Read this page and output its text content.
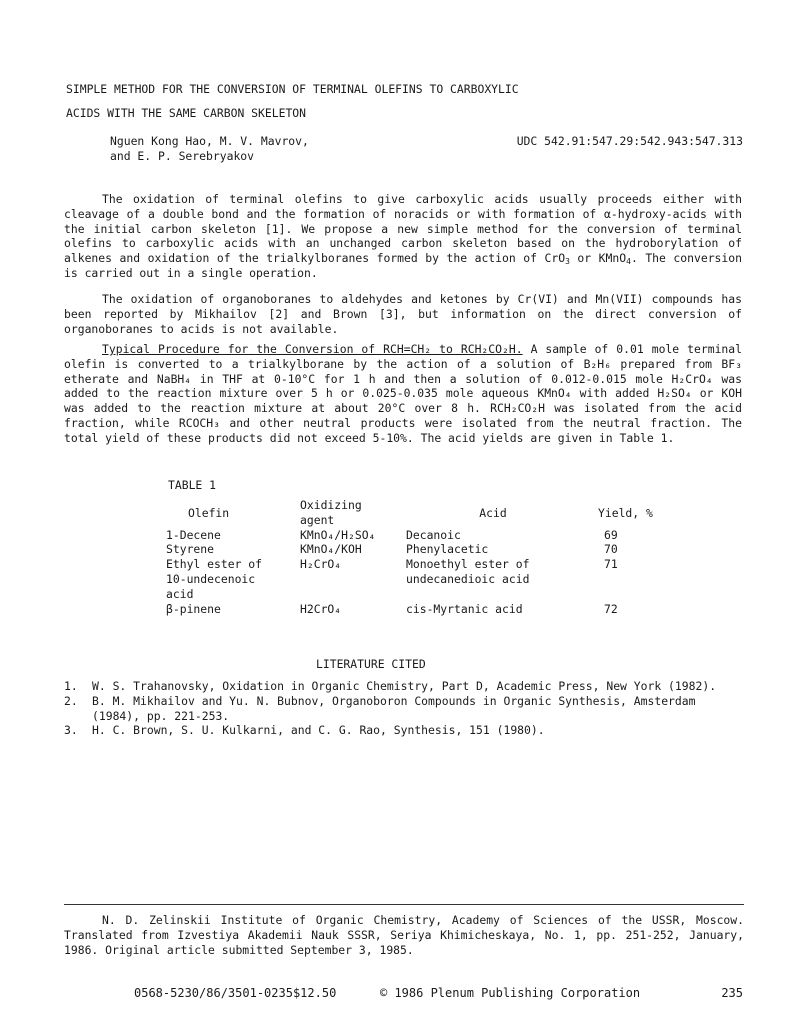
SIMPLE METHOD FOR THE CONVERSION OF TERMINAL OLEFINS TO CARBOXYLIC
ACIDS WITH THE SAME CARBON SKELETON
Nguen Kong Hao, M. V. Mavrov,
and E. P. Serebryakov
UDC 542.91:547.29:542.943:547.313

The oxidation of terminal olefins to give carboxylic acids usually proceeds either with cleavage of a double bond and the formation of noracids or with formation of α-hydroxy-acids with the initial carbon skeleton [1]. We propose a new simple method for the conversion of terminal olefins to carboxylic acids with an unchanged carbon skeleton based on the hydroborylation of alkenes and oxidation of the trialkylboranes formed by the action of CrO$_3$ or KMnO$_4$. The conversion is carried out in a single operation.

The oxidation of organoboranes to aldehydes and ketones by Cr(VI) and Mn(VII) compounds has been reported by Mikhailov [2] and Brown [3], but information on the direct conversion of organoboranes to acids is not available.

Typical Procedure for the Conversion of RCH=CH₂ to RCH₂CO₂H. A sample of 0.01 mole terminal olefin is converted to a trialkylborane by the action of a solution of B₂H₆ prepared from BF₃ etherate and NaBH₄ in THF at 0-10°C for 1 h and then a solution of 0.012-0.015 mole H₂CrO₄ was added to the reaction mixture over 5 h or 0.025-0.035 mole aqueous KMnO₄ with added H₂SO₄ or KOH was added to the reaction mixture at about 20°C over 8 h. RCH₂CO₂H was isolated from the acid fraction, while RCOCH₃ and other neutral products were isolated from the neutral fraction. The total yield of these products did not exceed 5-10%. The acid yields are given in Table 1.

TABLE 1
Olefin	Oxidizing agent	Acid	Yield, %
1-Decene	KMnO₄/H₂SO₄	Decanoic	69
Styrene	KMnO₄/KOH	Phenylacetic	70
Ethyl ester of 10-undecenoic acid	H₂CrO₄	Monoethyl ester of undecanedioic acid	71
β-pinene	H2CrO₄	cis-Myrtanic acid	72
LITERATURE CITED
1.	W. S. Trahanovsky, Oxidation in Organic Chemistry, Part D, Academic Press, New York (1982).
2.	B. M. Mikhailov and Yu. N. Bubnov, Organoboron Compounds in Organic Synthesis, Amsterdam (1984), pp. 221-253.
3.	H. C. Brown, S. U. Kulkarni, and C. G. Rao, Synthesis, 151 (1980).

N. D. Zelinskii Institute of Organic Chemistry, Academy of Sciences of the USSR, Moscow. Translated from Izvestiya Akademii Nauk SSSR, Seriya Khimicheskaya, No. 1, pp. 251-252, January, 1986. Original article submitted September 3, 1985.

0568-5230/86/3501-0235$12.50	© 1986 Plenum Publishing Corporation	235
